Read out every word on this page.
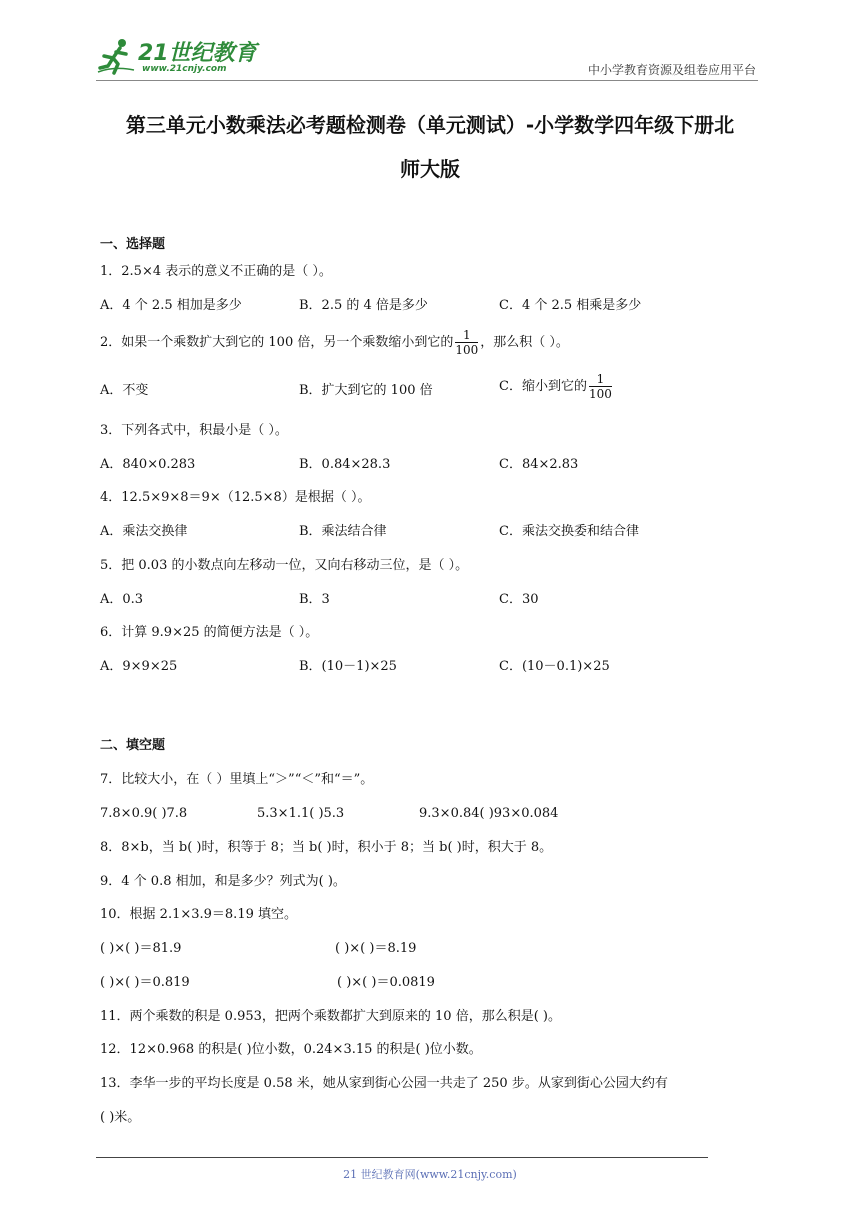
21世纪教育
www.21cnjy.com	中小学教育资源及组卷应用平台
第三单元小数乘法必考题检测卷（单元测试）-小学数学四年级下册北
师大版
一、选择题
1．2.5×4 表示的意义不正确的是（ ）。
A．4 个 2.5 相加是多少	B．2.5 的 4 倍是多少	C．4 个 2.5 相乘是多少
2．如果一个乘数扩大到它的 100 倍，另一个乘数缩小到它的 $\frac{1}{100}$ ，那么积（ ）。
A．不变	B．扩大到它的 100 倍	C．缩小到它的 $\frac{1}{100}$
3．下列各式中，积最小是（ ）。
A．840×0.283	B．0.84×28.3	C．84×2.83
4．12.5×9×8＝9×（12.5×8）是根据（ ）。
A．乘法交换律	B．乘法结合律	C．乘法交换委和结合律
5．把 0.03 的小数点向左移动一位，又向右移动三位，是（ ）。
A．0.3	B．3	C．30
6．计算 9.9×25 的简便方法是（ ）。
A．9×9×25	B．(10－1)×25	C．(10－0.1)×25
二、填空题
7．比较大小，在（ ）里填上“＞”“＜”和“＝”。
7.8×0.9( )7.8	5.3×1.1( )5.3	9.3×0.84( )93×0.084
8．8×b，当 b( )时，积等于 8；当 b( )时，积小于 8；当 b( )时，积大于 8。
9．4 个 0.8 相加，和是多少？列式为( )。
10．根据 2.1×3.9＝8.19 填空。
( )×( )＝81.9	( )×( )＝8.19
( )×( )＝0.819	( )×( )＝0.0819
11．两个乘数的积是 0.953，把两个乘数都扩大到原来的 10 倍，那么积是( )。
12．12×0.968 的积是( )位小数，0.24×3.15 的积是( )位小数。
13．李华一步的平均长度是 0.58 米，她从家到街心公园一共走了 250 步。从家到街心公园大约有
( )米。
21 世纪教育网(www.21cnjy.com)
